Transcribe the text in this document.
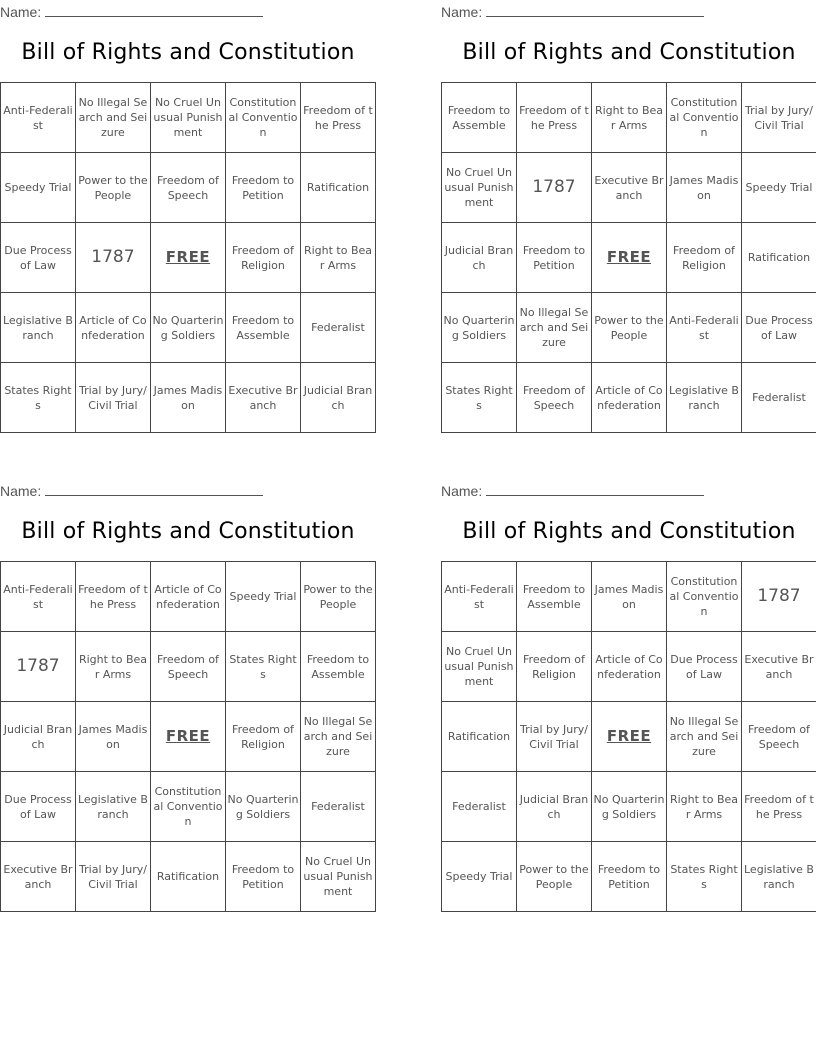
Name:
Bill of Rights and Constitution
Anti-Federalist	No Illegal Search and Seizure	No Cruel Unusual Punishment	Constitutional Convention	Freedom of the Press
Speedy Trial	Power to the People	Freedom of Speech	Freedom to Petition	Ratification
Due Process of Law	1787	FREE	Freedom of Religion	Right to Bear Arms
Legislative Branch	Article of Confederation	No Quartering Soldiers	Freedom to Assemble	Federalist
States Rights	Trial by Jury/Civil Trial	James Madison	Executive Branch	Judicial Branch
Name:
Bill of Rights and Constitution
Freedom to Assemble	Freedom of the Press	Right to Bear Arms	Constitutional Convention	Trial by Jury/Civil Trial
No Cruel Unusual Punishment	1787	Executive Branch	James Madison	Speedy Trial
Judicial Branch	Freedom to Petition	FREE	Freedom of Religion	Ratification
No Quartering Soldiers	No Illegal Search and Seizure	Power to the People	Anti-Federalist	Due Process of Law
States Rights	Freedom of Speech	Article of Confederation	Legislative Branch	Federalist
Name:
Bill of Rights and Constitution
Anti-Federalist	Freedom of the Press	Article of Confederation	Speedy Trial	Power to the People
1787	Right to Bear Arms	Freedom of Speech	States Rights	Freedom to Assemble
Judicial Branch	James Madison	FREE	Freedom of Religion	No Illegal Search and Seizure
Due Process of Law	Legislative Branch	Constitutional Convention	No Quartering Soldiers	Federalist
Executive Branch	Trial by Jury/Civil Trial	Ratification	Freedom to Petition	No Cruel Unusual Punishment
Name:
Bill of Rights and Constitution
Anti-Federalist	Freedom to Assemble	James Madison	Constitutional Convention	1787
No Cruel Unusual Punishment	Freedom of Religion	Article of Confederation	Due Process of Law	Executive Branch
Ratification	Trial by Jury/Civil Trial	FREE	No Illegal Search and Seizure	Freedom of Speech
Federalist	Judicial Branch	No Quartering Soldiers	Right to Bear Arms	Freedom of the Press
Speedy Trial	Power to the People	Freedom to Petition	States Rights	Legislative Branch
